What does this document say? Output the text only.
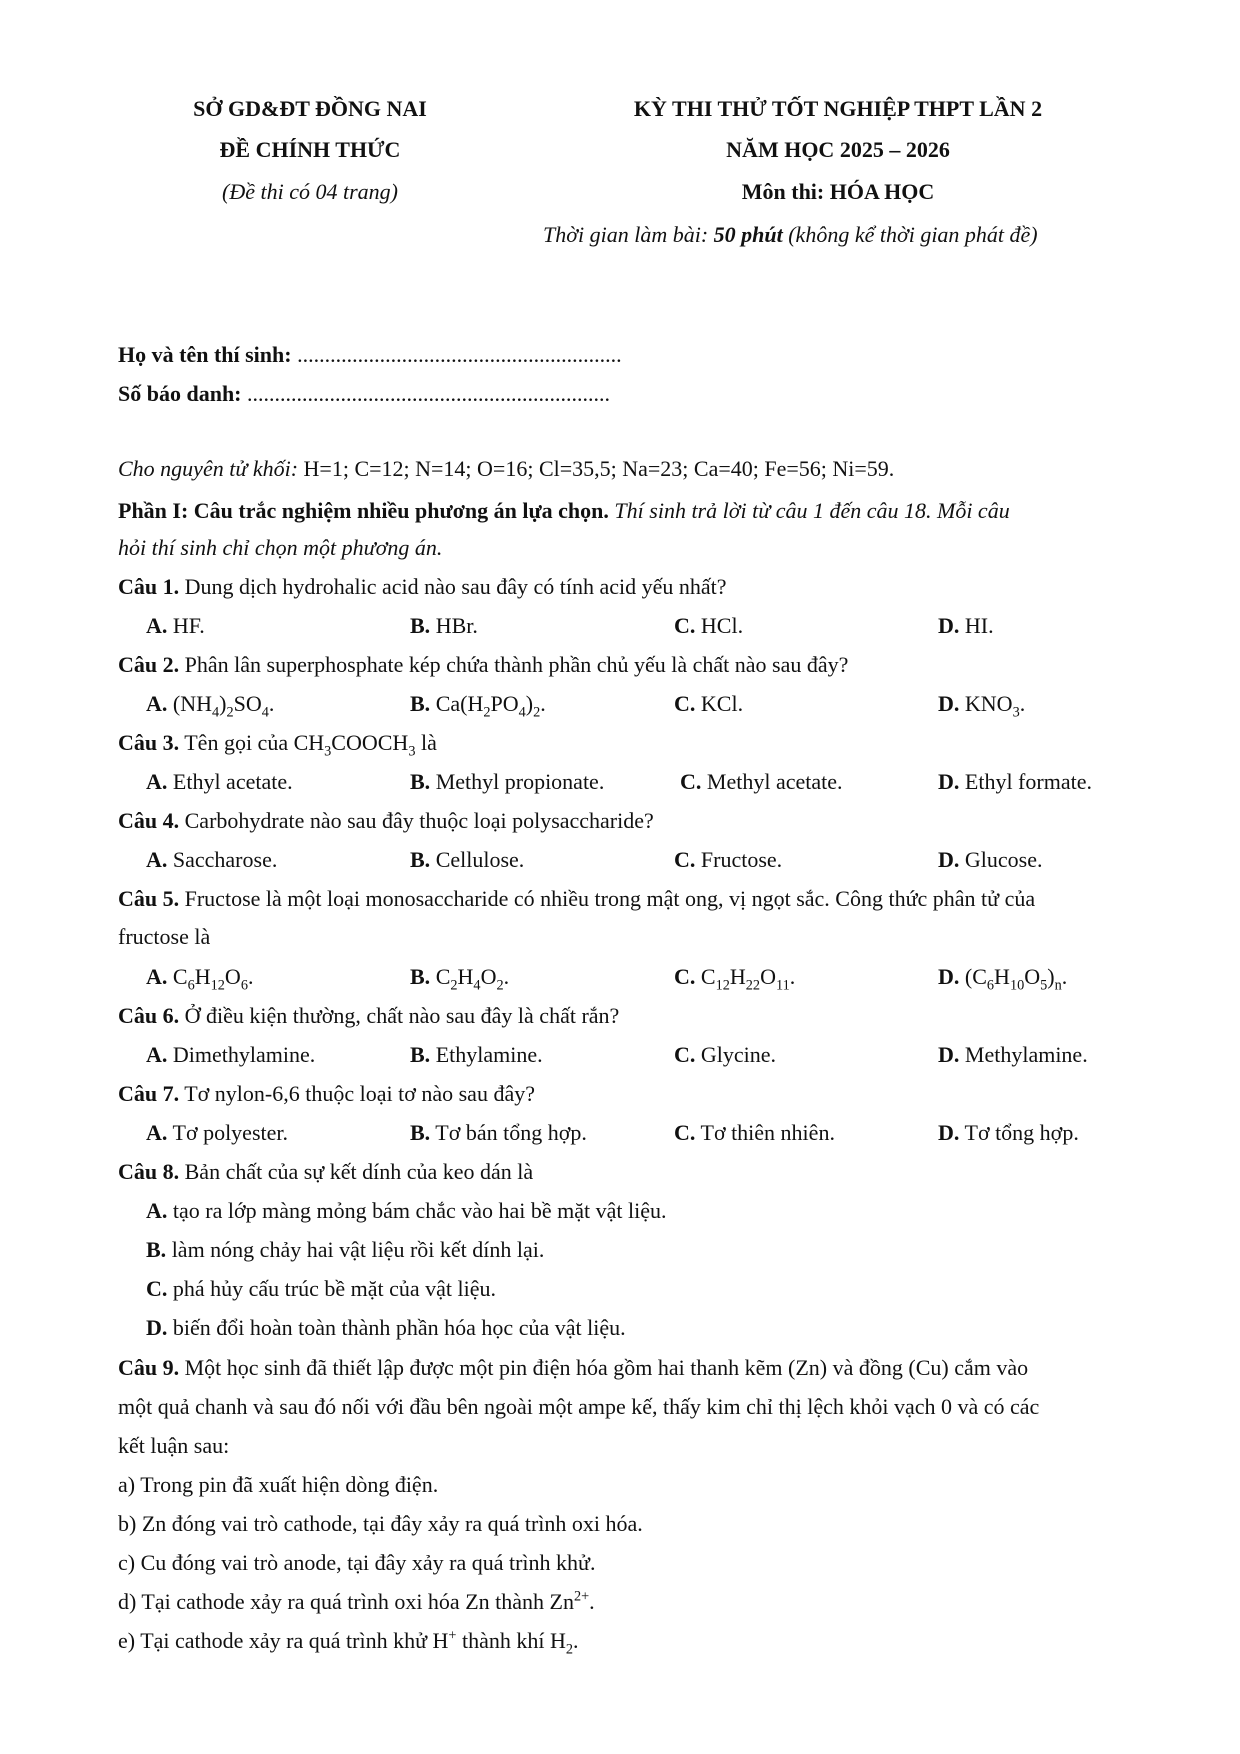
SỞ GD&ĐT ĐỒNG NAI
ĐỀ CHÍNH THỨC
(Đề thi có 04 trang)
KỲ THI THỬ TỐT NGHIỆP THPT LẦN 2
NĂM HỌC 2025 – 2026
Môn thi: HÓA HỌC
Thời gian làm bài: 50 phút (không kể thời gian phát đề)
Họ và tên thí sinh: ...........................................................
Số báo danh: ..................................................................
Cho nguyên tử khối: H=1; C=12; N=14; O=16; Cl=35,5; Na=23; Ca=40; Fe=56; Ni=59.
Phần I: Câu trắc nghiệm nhiều phương án lựa chọn. Thí sinh trả lời từ câu 1 đến câu 18. Mỗi câu
hỏi thí sinh chỉ chọn một phương án.
Câu 1. Dung dịch hydrohalic acid nào sau đây có tính acid yếu nhất?
A. HF.	B. HBr.	C. HCl.	D. HI.
Câu 2. Phân lân superphosphate kép chứa thành phần chủ yếu là chất nào sau đây?
A. $(NH_4)_2SO_4$.	B. $Ca(H_2PO_4)_2$.	C. KCl.	D. $KNO_3$.
Câu 3. Tên gọi của $CH_3COOCH_3$ là
A. Ethyl acetate.	B. Methyl propionate.	C. Methyl acetate.	D. Ethyl formate.
Câu 4. Carbohydrate nào sau đây thuộc loại polysaccharide?
A. Saccharose.	B. Cellulose.	C. Fructose.	D. Glucose.
Câu 5. Fructose là một loại monosaccharide có nhiều trong mật ong, vị ngọt sắc. Công thức phân tử của
fructose là
A. $C_6H_{12}O_6$.	B. $C_2H_4O_2$.	C. $C_{12}H_{22}O_{11}$.	D. $(C_6H_{10}O_5)_n$.
Câu 6. Ở điều kiện thường, chất nào sau đây là chất rắn?
A. Dimethylamine.	B. Ethylamine.	C. Glycine.	D. Methylamine.
Câu 7. Tơ nylon-6,6 thuộc loại tơ nào sau đây?
A. Tơ polyester.	B. Tơ bán tổng hợp.	C. Tơ thiên nhiên.	D. Tơ tổng hợp.
Câu 8. Bản chất của sự kết dính của keo dán là
A. tạo ra lớp màng mỏng bám chắc vào hai bề mặt vật liệu.
B. làm nóng chảy hai vật liệu rồi kết dính lại.
C. phá hủy cấu trúc bề mặt của vật liệu.
D. biến đổi hoàn toàn thành phần hóa học của vật liệu.
Câu 9. Một học sinh đã thiết lập được một pin điện hóa gồm hai thanh kẽm (Zn) và đồng (Cu) cắm vào
một quả chanh và sau đó nối với đầu bên ngoài một ampe kế, thấy kim chỉ thị lệch khỏi vạch 0 và có các
kết luận sau:
a) Trong pin đã xuất hiện dòng điện.
b) Zn đóng vai trò cathode, tại đây xảy ra quá trình oxi hóa.
c) Cu đóng vai trò anode, tại đây xảy ra quá trình khử.
d) Tại cathode xảy ra quá trình oxi hóa Zn thành $Zn^{2+}$.
e) Tại cathode xảy ra quá trình khử H+ thành khí $H_2$.
